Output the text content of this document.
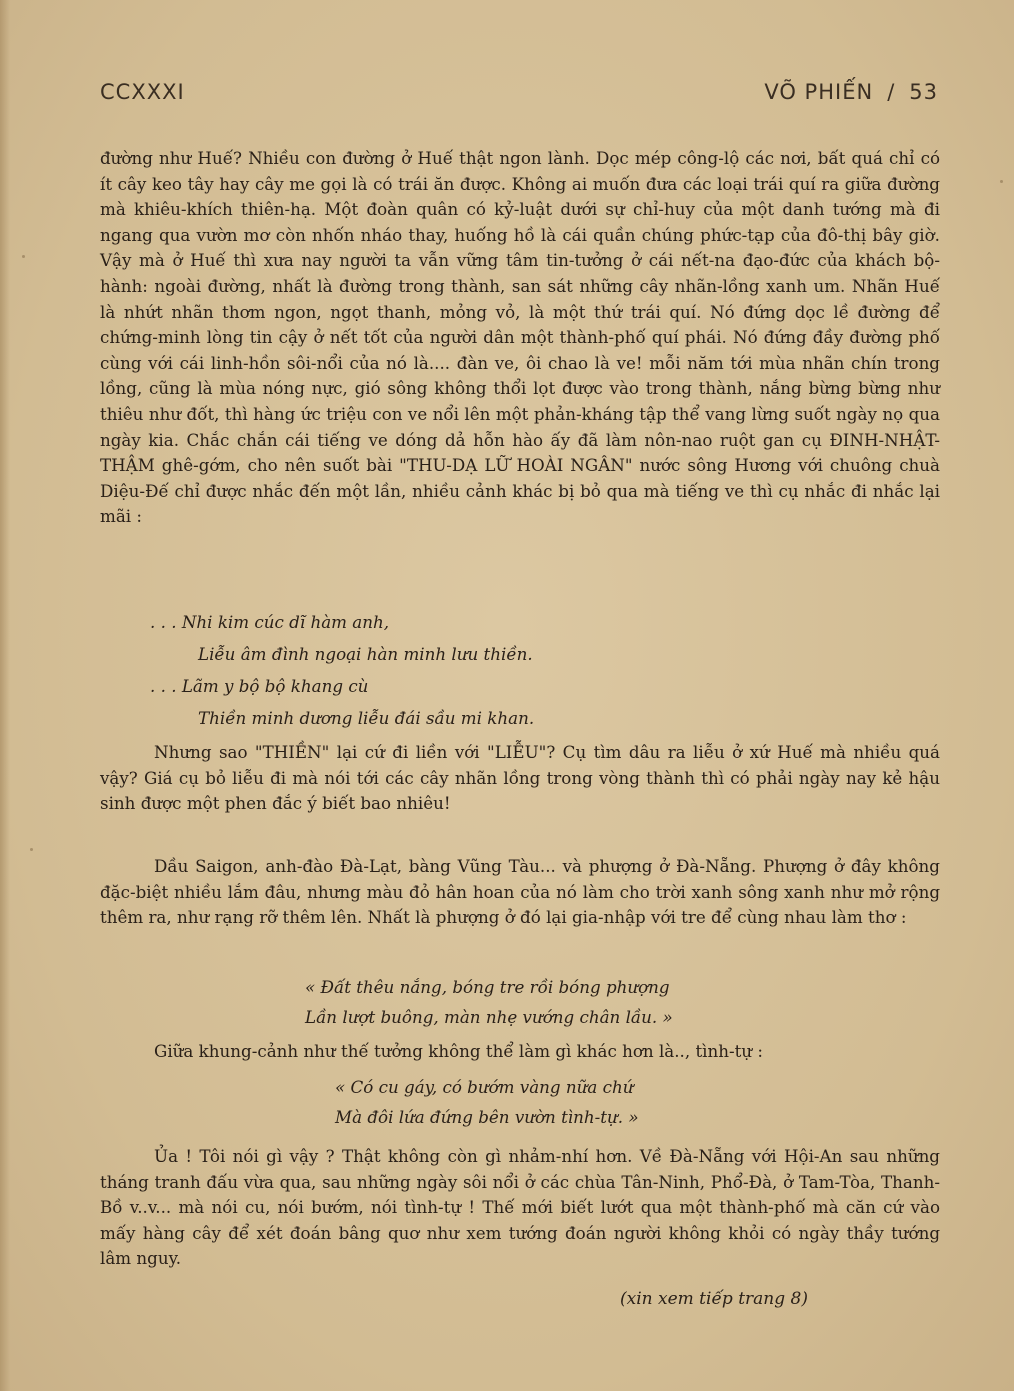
CCXXXI	VÕ PHIẾN / 53

đường như Huế? Nhiều con đường ở Huế thật ngon lành. Dọc mép công-lộ các nơi, bất quá chỉ có ít cây keo tây hay cây me gọi là có trái ăn được. Không ai muốn đưa các loại trái quí ra giữa đường mà khiêu-khích thiên-hạ. Một đoàn quân có kỷ-luật dưới sự chỉ-huy của một danh tướng mà đi ngang qua vườn mơ còn nhốn nháo thay, huống hồ là cái quần chúng phức-tạp của đô-thị bây giờ. Vậy mà ở Huế thì xưa nay người ta vẫn vững tâm tin-tưởng ở cái nết-na đạo-đức của khách bộ-hành: ngoài đường, nhất là đường trong thành, san sát những cây nhãn-lồng xanh um. Nhãn Huế là nhứt nhãn thơm ngon, ngọt thanh, mỏng vỏ, là một thứ trái quí. Nó đứng dọc lề đường để chứng-minh lòng tin cậy ở nết tốt của người dân một thành-phố quí phái. Nó đứng đầy đường phố cùng với cái linh-hồn sôi-nổi của nó là.... đàn ve, ôi chao là ve! mỗi năm tới mùa nhãn chín trong lồng, cũng là mùa nóng nực, gió sông không thổi lọt được vào trong thành, nắng bừng bừng như thiêu như đốt, thì hàng ức triệu con ve nổi lên một phản-kháng tập thể vang lừng suốt ngày nọ qua ngày kia. Chắc chắn cái tiếng ve dóng dả hỗn hào ấy đã làm nôn-nao ruột gan cụ ĐINH-NHẬT-THẬM ghê-gớm, cho nên suốt bài "THU-DẠ LỮ HOÀI NGÂN" nước sông Hương với chuông chuà Diệu-Đế chỉ được nhắc đến một lần, nhiều cảnh khác bị bỏ qua mà tiếng ve thì cụ nhắc đi nhắc lại mãi :

. . . Nhi kim cúc dĩ hàm anh,
Liễu âm đình ngoại hàn minh lưu thiền.
. . . Lãm y bộ bộ khang cù
Thiền minh dương liễu đái sầu mi khan.

Nhưng sao "THIỀN" lại cứ đi liền với "LIỄU"? Cụ tìm dâu ra liễu ở xứ Huế mà nhiều quá vậy? Giá cụ bỏ liễu đi mà nói tới các cây nhãn lồng trong vòng thành thì có phải ngày nay kẻ hậu sinh được một phen đắc ý biết bao nhiêu!

Dầu Saigon, anh-đào Đà-Lạt, bàng Vũng Tàu... và phượng ở Đà-Nẵng. Phượng ở đây không đặc-biệt nhiều lắm đâu, nhưng màu đỏ hân hoan của nó làm cho trời xanh sông xanh như mở rộng thêm ra, như rạng rỡ thêm lên. Nhất là phượng ở đó lại gia-nhập với tre để cùng nhau làm thơ :

« Đất thêu nắng, bóng tre rồi bóng phượng
Lần lượt buông, màn nhẹ vướng chân lầu. »
Giữa khung-cảnh như thế tưởng không thể làm gì khác hơn là.., tình-tự :
« Có cu gáy, có bướm vàng nữa chứ
Mà đôi lứa đứng bên vườn tình-tự. »

Ủa ! Tôi nói gì vậy ? Thật không còn gì nhảm-nhí hơn. Về Đà-Nẵng với Hội-An sau những tháng tranh đấu vừa qua, sau những ngày sôi nổi ở các chùa Tân-Ninh, Phổ-Đà, ở Tam-Tòa, Thanh-Bồ v..v... mà nói cu, nói bướm, nói tình-tự ! Thế mới biết lướt qua một thành-phố mà căn cứ vào mấy hàng cây để xét đoán bâng quơ như xem tướng đoán người không khỏi có ngày thầy tướng lâm nguy.

(xin xem tiếp trang 8)
